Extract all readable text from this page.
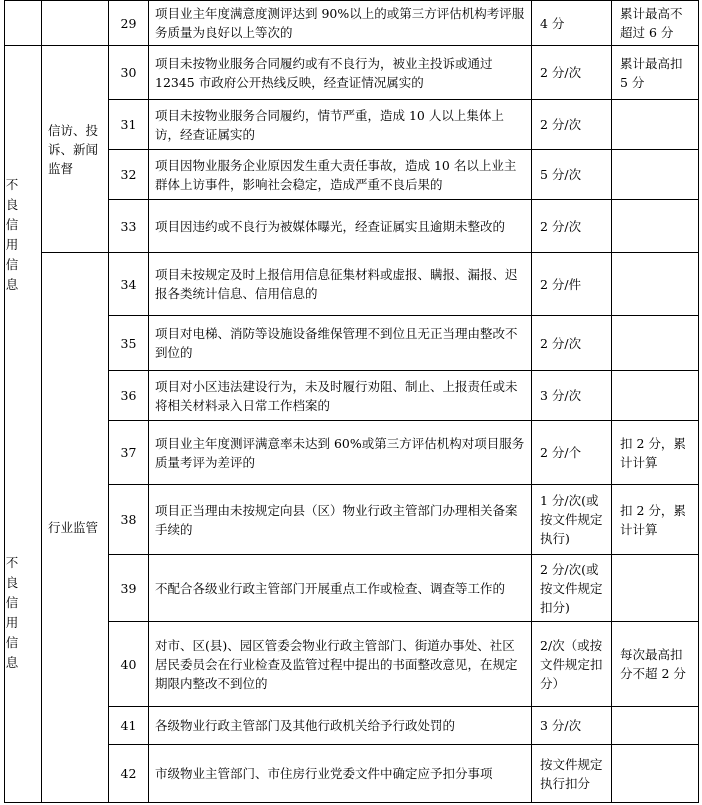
		29	项目业主年度满意度测评达到 90%以上的或第三方评估机构考评服务质量为良好以上等次的	4 分	累计最高不超过 6 分

不良信用信息
不良信用信息	信访、投诉、新闻监督	30	项目未按物业服务合同履约或有不良行为，被业主投诉或通过 12345 市政府公开热线反映，经查证情况属实的	2 分/次	累计最高扣 5 分
		31	项目未按物业服务合同履约，情节严重，造成 10 人以上集体上访，经查证属实的	2 分/次	
		32	项目因物业服务企业原因发生重大责任事故，造成 10 名以上业主群体上访事件，影响社会稳定，造成严重不良后果的	5 分/次	
		33	项目因违约或不良行为被媒体曝光，经查证属实且逾期未整改的	2 分/次	
	行业监管	34	项目未按规定及时上报信用信息征集材料或虚报、瞒报、漏报、迟报各类统计信息、信用信息的	2 分/件	
		35	项目对电梯、消防等设施设备维保管理不到位且无正当理由整改不到位的	2 分/次	
		36	项目对小区违法建设行为，未及时履行劝阻、制止、上报责任或未将相关材料录入日常工作档案的	3 分/次	
		37	项目业主年度测评满意率未达到 60%或第三方评估机构对项目服务质量考评为差评的	2 分/个	扣 2 分，累计计算
		38	项目正当理由未按规定向县（区）物业行政主管部门办理相关备案手续的	1 分/次(或按文件规定执行)	扣 2 分，累计计算
		39	不配合各级业行政主管部门开展重点工作或检查、调查等工作的	2 分/次(或按文件规定扣分)	
		40	对市、区(县)、园区管委会物业行政主管部门、街道办事处、社区居民委员会在行业检查及监管过程中提出的书面整改意见，在规定期限内整改不到位的	2/次（或按文件规定扣分）	每次最高扣分不超 2 分
		41	各级物业行政主管部门及其他行政机关给予行政处罚的	3 分/次	
		42	市级物业主管部门、市住房行业党委文件中确定应予扣分事项	按文件规定执行扣分	
